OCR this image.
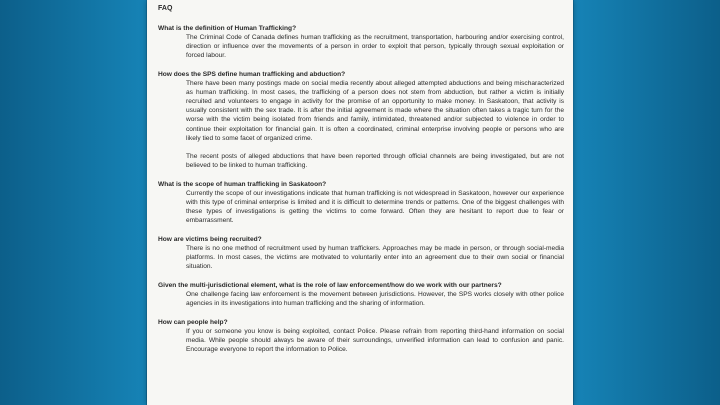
FAQ

What is the definition of Human Trafficking?

The Criminal Code of Canada defines human trafficking as the recruitment, transportation, harbouring and/or exercising control, direction or influence over the movements of a person in order to exploit that person, typically through sexual exploitation or forced labour.

How does the SPS define human trafficking and abduction?

There have been many postings made on social media recently about alleged attempted abductions and being mischaracterized as human trafficking. In most cases, the trafficking of a person does not stem from abduction, but rather a victim is initially recruited and volunteers to engage in activity for the promise of an opportunity to make money. In Saskatoon, that activity is usually consistent with the sex trade. It is after the initial agreement is made where the situation often takes a tragic turn for the worse with the victim being isolated from friends and family, intimidated, threatened and/or subjected to violence in order to continue their exploitation for financial gain. It is often a coordinated, criminal enterprise involving people or persons who are likely tied to some facet of organized crime.

The recent posts of alleged abductions that have been reported through official channels are being investigated, but are not believed to be linked to human trafficking.

What is the scope of human trafficking in Saskatoon?

Currently the scope of our investigations indicate that human trafficking is not widespread in Saskatoon, however our experience with this type of criminal enterprise is limited and it is difficult to determine trends or patterns. One of the biggest challenges with these types of investigations is getting the victims to come forward. Often they are hesitant to report due to fear or embarrassment.

How are victims being recruited?

There is no one method of recruitment used by human traffickers. Approaches may be made in person, or through social-media platforms. In most cases, the victims are motivated to voluntarily enter into an agreement due to their own social or financial situation.

Given the multi-jurisdictional element, what is the role of law enforcement/how do we work with our partners?

One challenge facing law enforcement is the movement between jurisdictions. However, the SPS works closely with other police agencies in its investigations into human trafficking and the sharing of information.

How can people help?

If you or someone you know is being exploited, contact Police. Please refrain from reporting third-hand information on social media. While people should always be aware of their surroundings, unverified information can lead to confusion and panic. Encourage everyone to report the information to Police.
